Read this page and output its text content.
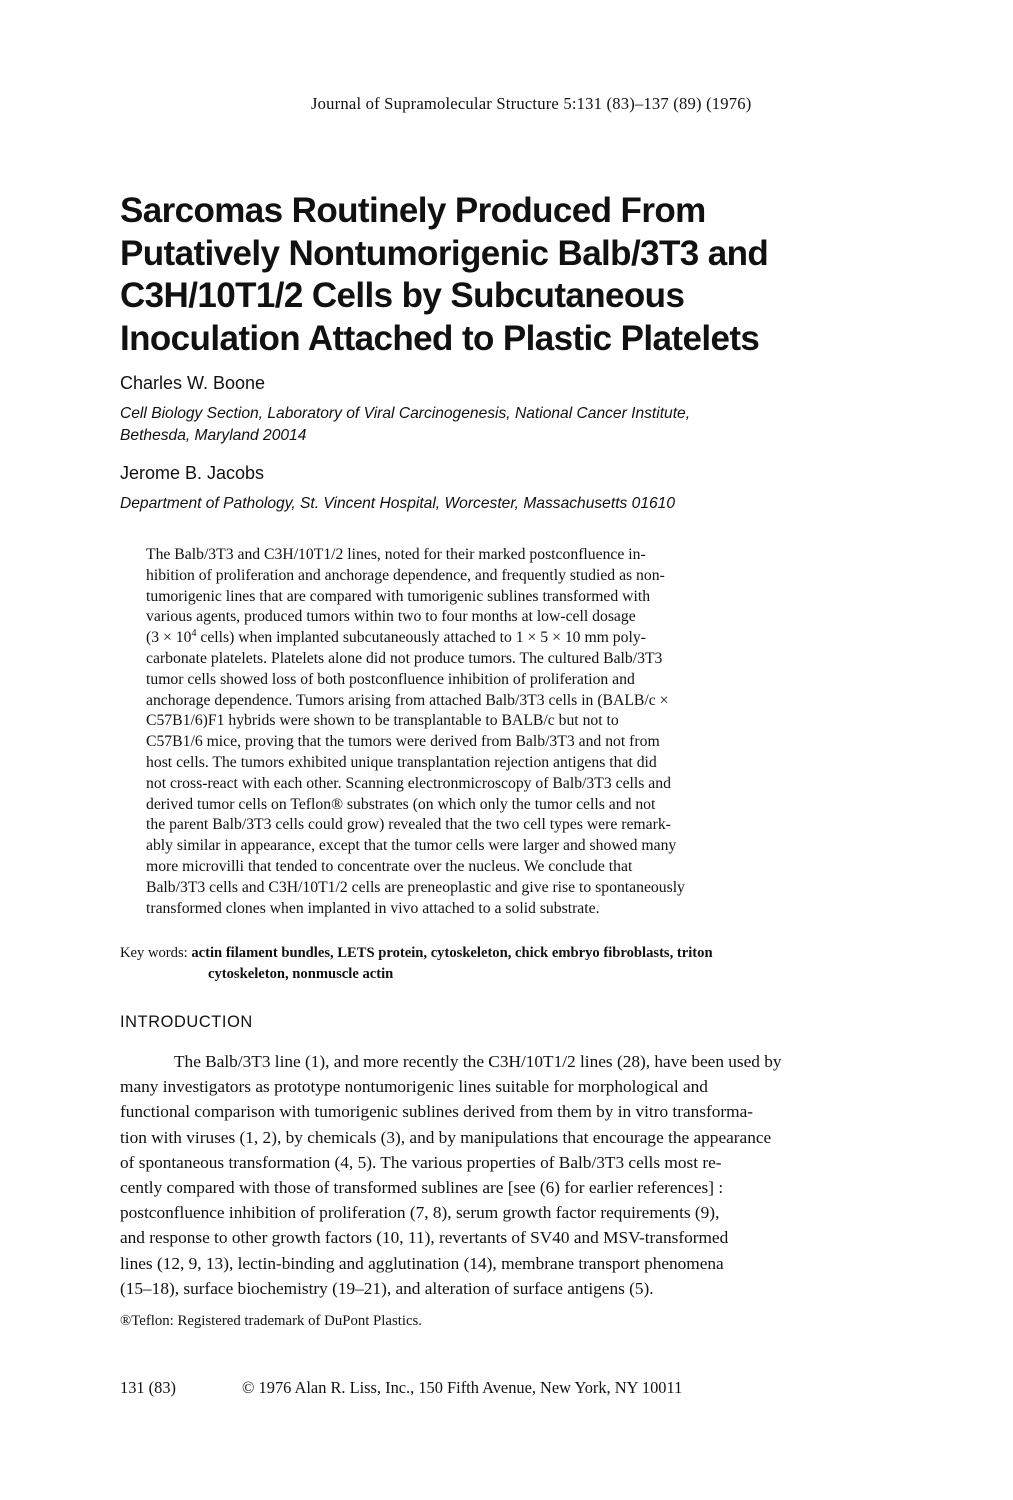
Journal of Supramolecular Structure 5:131 (83)–137 (89) (1976)
Sarcomas Routinely Produced From
Putatively Nontumorigenic Balb/3T3 and
C3H/10T1/2 Cells by Subcutaneous
Inoculation Attached to Plastic Platelets
Charles W. Boone
Cell Biology Section, Laboratory of Viral Carcinogenesis, National Cancer Institute,
Bethesda, Maryland 20014
Jerome B. Jacobs
Department of Pathology, St. Vincent Hospital, Worcester, Massachusetts 01610
The Balb/3T3 and C3H/10T1/2 lines, noted for their marked postconfluence in-
hibition of proliferation and anchorage dependence, and frequently studied as non-
tumorigenic lines that are compared with tumorigenic sublines transformed with
various agents, produced tumors within two to four months at low-cell dosage
($3 \times 10^4$ cells) when implanted subcutaneously attached to 1 × 5 × 10 mm poly-
carbonate platelets. Platelets alone did not produce tumors. The cultured Balb/3T3
tumor cells showed loss of both postconfluence inhibition of proliferation and
anchorage dependence. Tumors arising from attached Balb/3T3 cells in (BALB/c ×
C57B1/6)F1 hybrids were shown to be transplantable to BALB/c but not to
C57B1/6 mice, proving that the tumors were derived from Balb/3T3 and not from
host cells. The tumors exhibited unique transplantation rejection antigens that did
not cross-react with each other. Scanning electronmicroscopy of Balb/3T3 cells and
derived tumor cells on Teflon® substrates (on which only the tumor cells and not
the parent Balb/3T3 cells could grow) revealed that the two cell types were remark-
ably similar in appearance, except that the tumor cells were larger and showed many
more microvilli that tended to concentrate over the nucleus. We conclude that
Balb/3T3 cells and C3H/10T1/2 cells are preneoplastic and give rise to spontaneously
transformed clones when implanted in vivo attached to a solid substrate.
Key words: actin filament bundles, LETS protein, cytoskeleton, chick embryo fibroblasts, triton
cytoskeleton, nonmuscle actin
INTRODUCTION
The Balb/3T3 line (1), and more recently the C3H/10T1/2 lines (28), have been used by
many investigators as prototype nontumorigenic lines suitable for morphological and
functional comparison with tumorigenic sublines derived from them by in vitro transforma-
tion with viruses (1, 2), by chemicals (3), and by manipulations that encourage the appearance
of spontaneous transformation (4, 5). The various properties of Balb/3T3 cells most re-
cently compared with those of transformed sublines are [see (6) for earlier references] :
postconfluence inhibition of proliferation (7, 8), serum growth factor requirements (9),
and response to other growth factors (10, 11), revertants of SV40 and MSV-transformed
lines (12, 9, 13), lectin-binding and agglutination (14), membrane transport phenomena
(15–18), surface biochemistry (19–21), and alteration of surface antigens (5).
®Teflon: Registered trademark of DuPont Plastics.
131 (83)	© 1976 Alan R. Liss, Inc., 150 Fifth Avenue, New York, NY 10011
